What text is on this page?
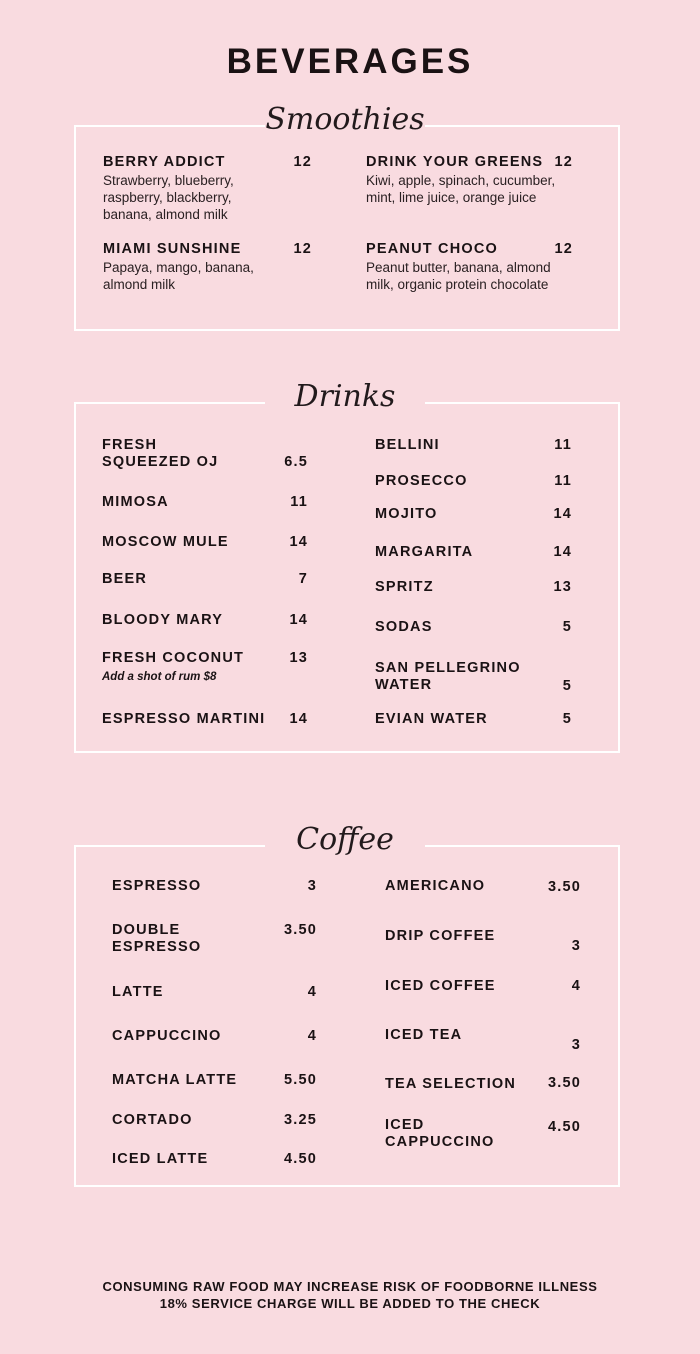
BEVERAGES
Smoothies
Drinks
Coffee
BERRY ADDICT	12
Strawberry, blueberry, raspberry, blackberry, banana, almond milk
DRINK YOUR GREENS 12
Kiwi, apple, spinach, cucumber, mint, lime juice, orange juice
MIAMI SUNSHINE	12
Papaya, mango, banana, almond milk
PEANUT CHOCO	12
Peanut butter, banana, almond milk, organic protein chocolate
FRESH
SQUEEZED OJ	6.5
MIMOSA	11
MOSCOW MULE	14
BEER	7
BLOODY MARY	14
FRESH COCONUT	13
Add a shot of rum $8
ESPRESSO MARTINI	14
BELLINI	11
PROSECCO	11
MOJITO	14
MARGARITA	14
SPRITZ	13
SODAS	5
SAN PELLEGRINO
WATER	5
EVIAN WATER	5
ESPRESSO	3
DOUBLE
ESPRESSO
3.50
LATTE	4
CAPPUCCINO	4
MATCHA LATTE	5.50
CORTADO	3.25
ICED LATTE	4.50
AMERICANO	3.50
DRIP COFFEE
3
ICED COFFEE	4
ICED TEA
3
TEA SELECTION	3.50
ICED
CAPPUCCINO
4.50
CONSUMING RAW FOOD MAY INCREASE RISK OF FOODBORNE ILLNESS
18% SERVICE CHARGE WILL BE ADDED TO THE CHECK
